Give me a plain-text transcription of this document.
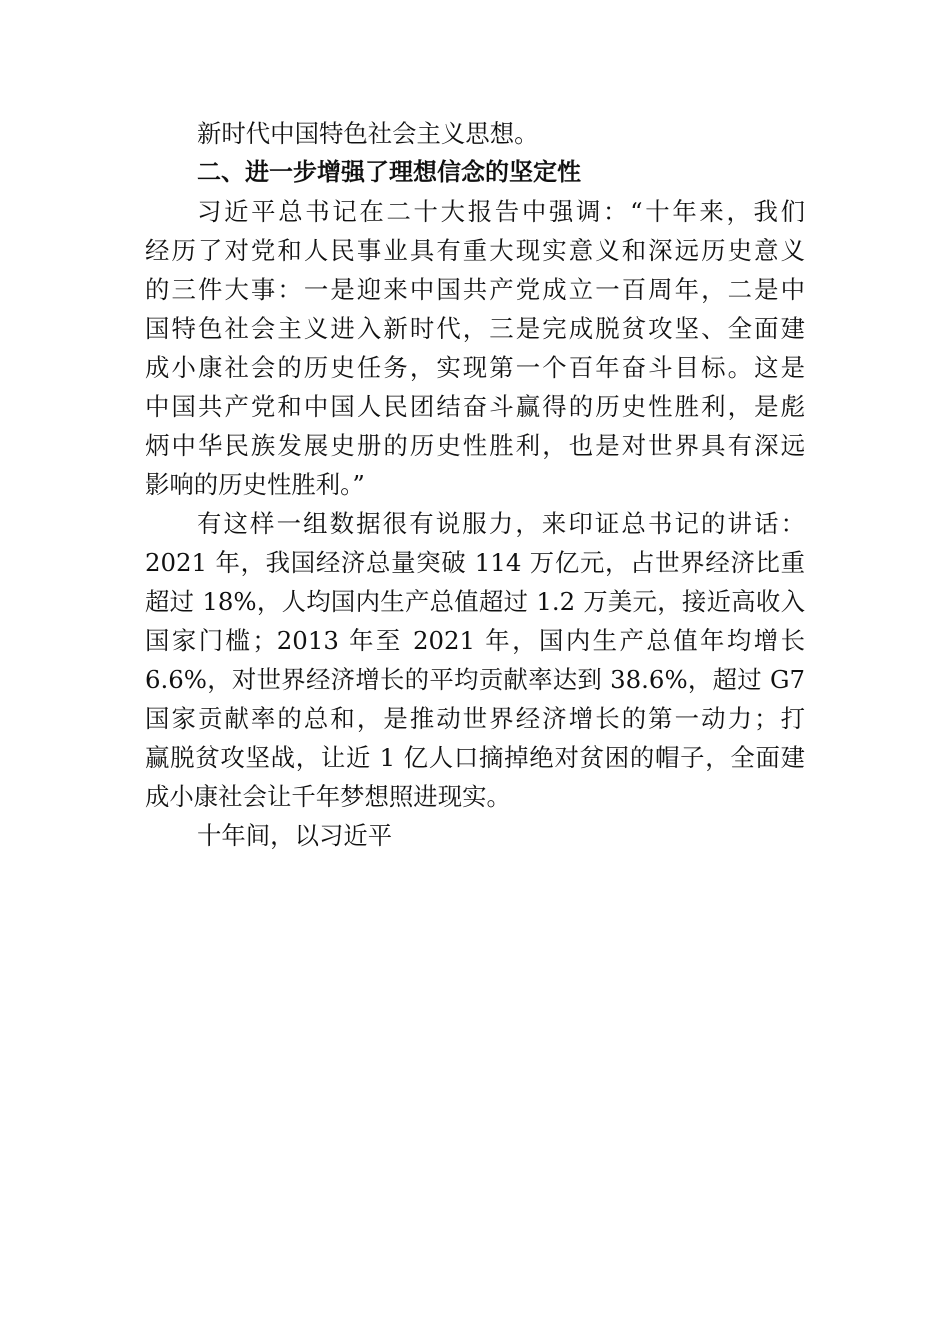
新时代中国特色社会主义思想。
二、进一步增强了理想信念的坚定性
习近平总书记在二十大报告中强调：“十年来，我们
经历了对党和人民事业具有重大现实意义和深远历史意义
的三件大事：一是迎来中国共产党成立一百周年，二是中
国特色社会主义进入新时代，三是完成脱贫攻坚、全面建
成小康社会的历史任务，实现第一个百年奋斗目标。这是
中国共产党和中国人民团结奋斗赢得的历史性胜利，是彪
炳中华民族发展史册的历史性胜利，也是对世界具有深远
影响的历史性胜利。”
有这样一组数据很有说服力，来印证总书记的讲话：
2021 年，我国经济总量突破 114 万亿元，占世界经济比重
超过 18%，人均国内生产总值超过 1.2 万美元，接近高收入
国家门槛；2013 年至 2021 年，国内生产总值年均增长
6.6%，对世界经济增长的平均贡献率达到 38.6%，超过 G7
国家贡献率的总和，是推动世界经济增长的第一动力；打
赢脱贫攻坚战，让近 1 亿人口摘掉绝对贫困的帽子，全面建
成小康社会让千年梦想照进现实。
十年间，以习近平
